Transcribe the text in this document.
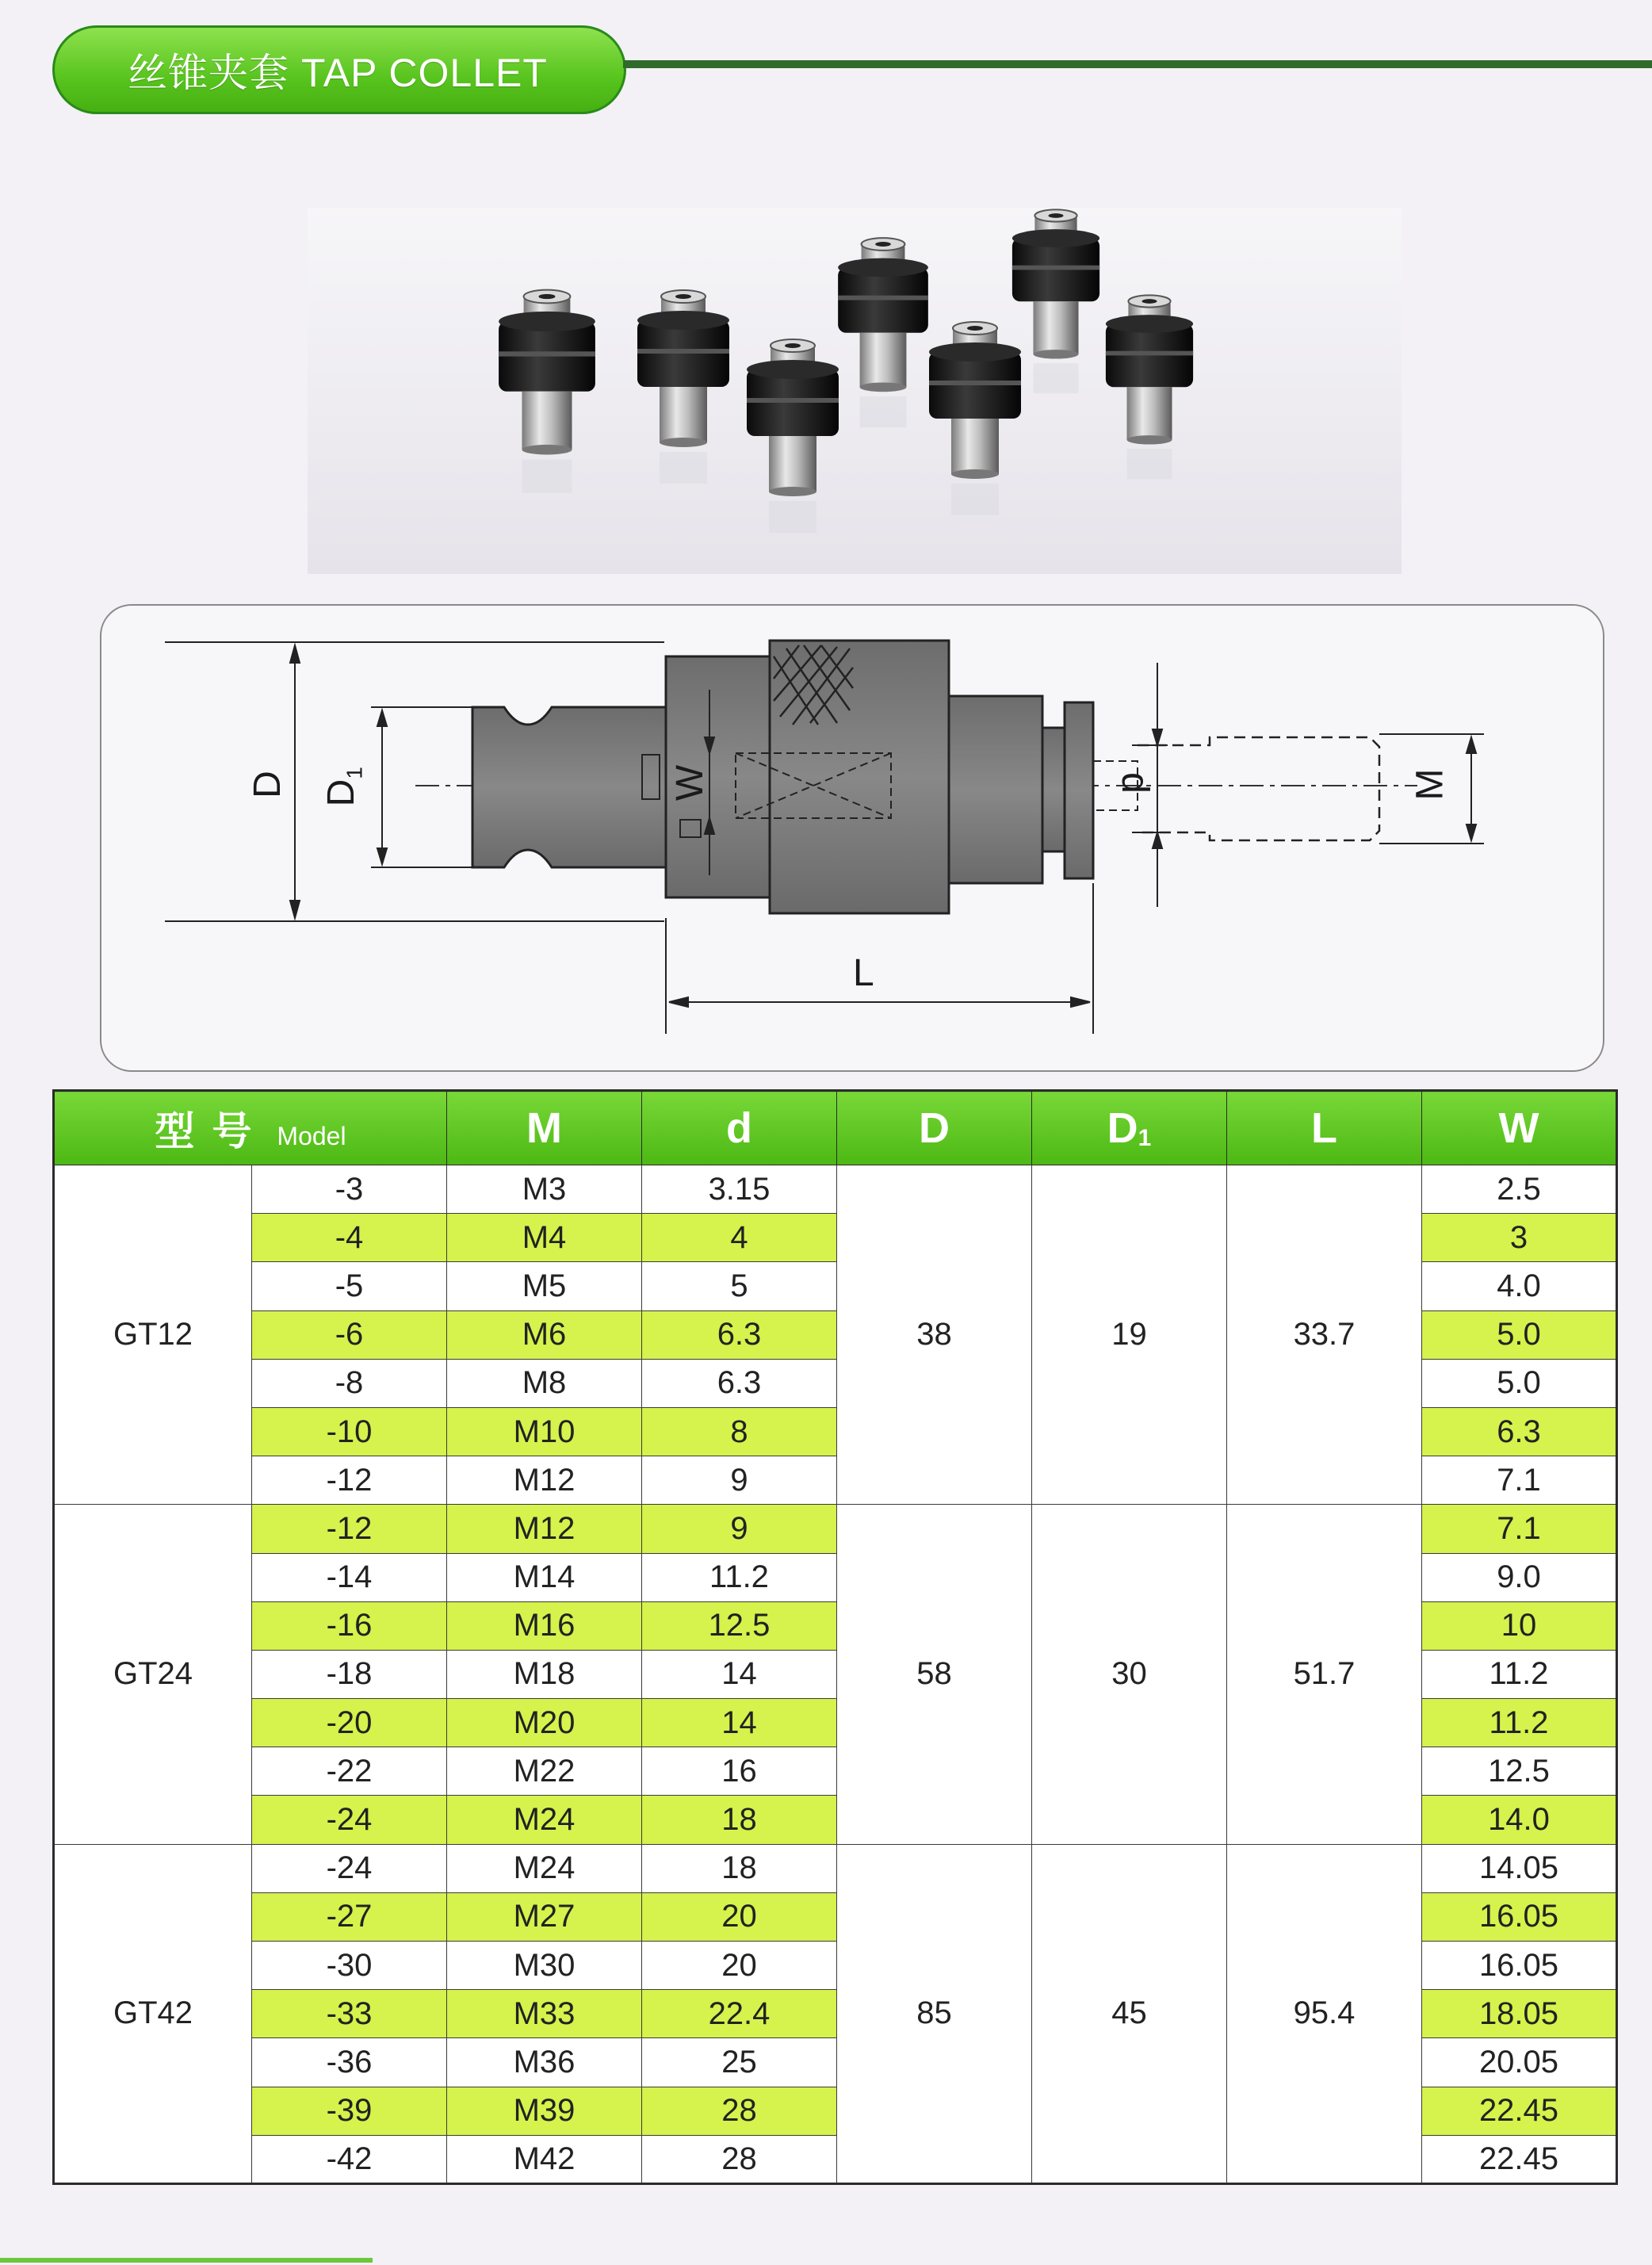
丝锥夹套 TAP COLLET
D $D_1$	W	d	M
L
型号 Model		M	d	D	$D_1$	L	W
GT12	-3	M3	3.15	38	19	33.7	2.5
	-4	M4	4				3
	-5	M5	5				4.0
	-6	M6	6.3				5.0
	-8	M8	6.3				5.0
	-10	M10	8				6.3
	-12	M12	9				7.1
GT24	-12	M12	9	58	30	51.7	7.1
	-14	M14	11.2				9.0
	-16	M16	12.5				10
	-18	M18	14				11.2
	-20	M20	14				11.2
	-22	M22	16				12.5
	-24	M24	18				14.0
GT42	-24	M24	18	85	45	95.4	14.05
	-27	M27	20				16.05
	-30	M30	20				16.05
	-33	M33	22.4				18.05
	-36	M36	25				20.05
	-39	M39	28				22.45
	-42	M42	28				22.45
